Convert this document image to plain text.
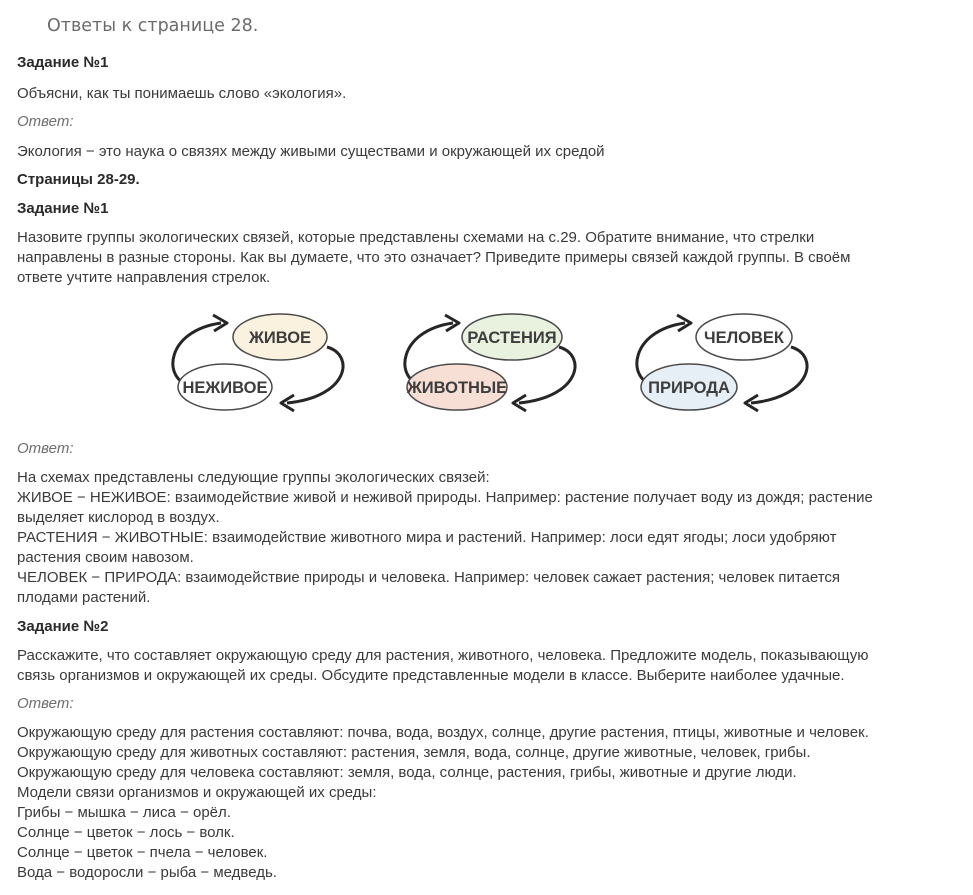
Ответы к странице 28.
Задание №1
Объясни, как ты понимаешь слово «экология».
Ответ:
Экология − это наука о связях между живыми существами и окружающей их средой
Страницы 28-29.
Задание №1
Назовите группы экологических связей, которые представлены схемами на с.29. Обратите внимание, что стрелки
направлены в разные стороны. Как вы думаете, что это означает? Приведите примеры связей каждой группы. В своём
ответе учтите направления стрелок.
ЖИВОЕ
НЕЖИВОЕ
РАСТЕНИЯ
ЖИВОТНЫЕ
ЧЕЛОВЕК
ПРИРОДА
Ответ:
На схемах представлены следующие группы экологических связей:
ЖИВОЕ − НЕЖИВОЕ: взаимодействие живой и неживой природы. Например: растение получает воду из дождя; растение
выделяет кислород в воздух.
РАСТЕНИЯ − ЖИВОТНЫЕ: взаимодействие животного мира и растений. Например: лоси едят ягоды; лоси удобряют
растения своим навозом.
ЧЕЛОВЕК − ПРИРОДА: взаимодействие природы и человека. Например: человек сажает растения; человек питается
плодами растений.
Задание №2
Расскажите, что составляет окружающую среду для растения, животного, человека. Предложите модель, показывающую
связь организмов и окружающей их среды. Обсудите представленные модели в классе. Выберите наиболее удачные.
Ответ:
Окружающую среду для растения составляют: почва, вода, воздух, солнце, другие растения, птицы, животные и человек.
Окружающую среду для животных составляют: растения, земля, вода, солнце, другие животные, человек, грибы.
Окружающую среду для человека составляют: земля, вода, солнце, растения, грибы, животные и другие люди.
Модели связи организмов и окружающей их среды:
Грибы − мышка − лиса − орёл.
Солнце − цветок − лось − волк.
Солнце − цветок − пчела − человек.
Вода − водоросли − рыба − медведь.
